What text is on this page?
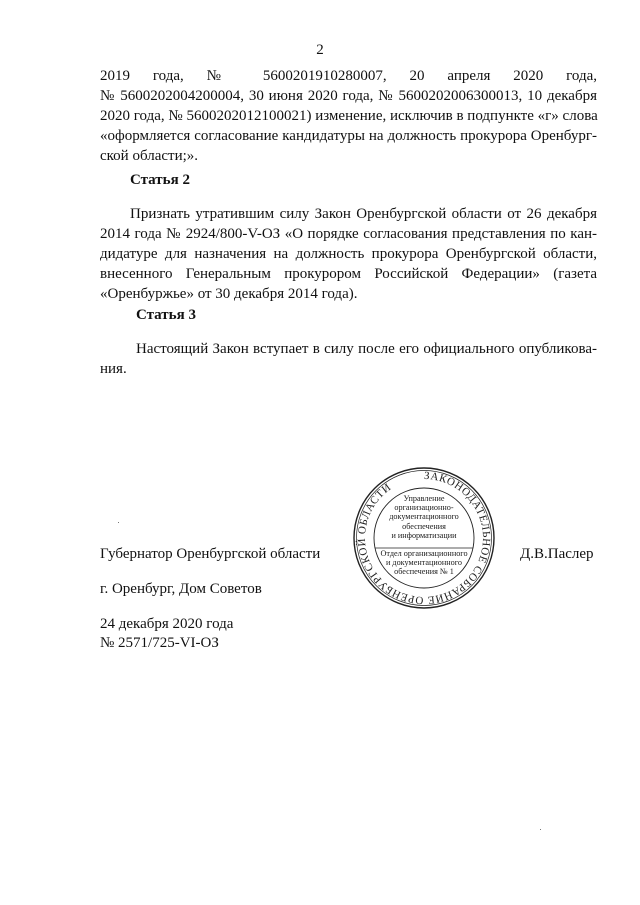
2
2019 года, № 5600201910280007, 20 апреля 2020 года,
№ 5600202004200004, 30 июня 2020 года, № 5600202006300013, 10 декабря
2020 года, № 5600202012100021) изменение, исключив в подпункте «г» слова
«оформляется согласование кандидатуры на должность прокурора Оренбург-
ской области;».
Статья 2
Признать утратившим силу Закон Оренбургской области от 26 декабря
2014 года № 2924/800-V-ОЗ «О порядке согласования представления по кан-
дидатуре для назначения на должность прокурора Оренбургской области,
внесенного Генеральным прокурором Российской Федерации» (газета
«Оренбуржье» от 30 декабря 2014 года).
Статья 3
Настоящий Закон вступает в силу после его официального опубликова-
ния.
ЗАКОНОДАТЕЛЬНОЕ СОБРАНИЕ ОРЕНБУРГСКОЙ ОБЛАСТИ
Управление
организационно-
документационного
обеспечения
и информатизации
Отдел организационного
и документационного
обеспечения № 1
Губернатор Оренбургской области	Д.В.Паслер
г. Оренбург, Дом Советов
24 декабря 2020 года
№ 2571/725-VI-ОЗ
